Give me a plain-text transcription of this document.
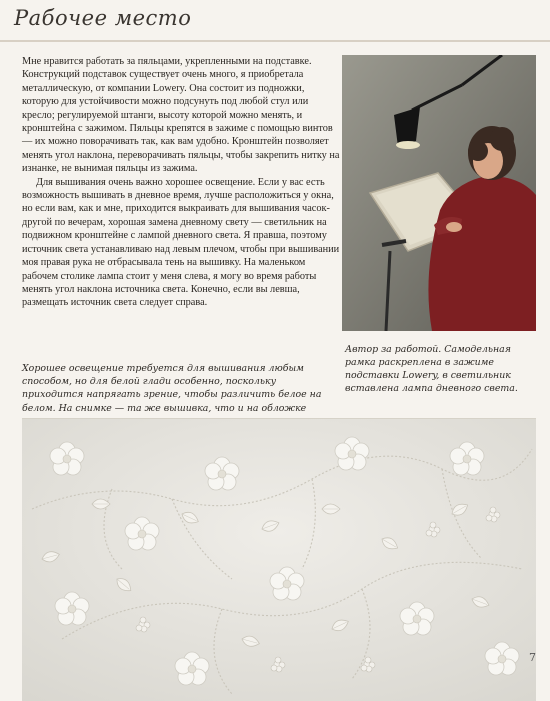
Рабочее место

Мне нравится работать за пяльцами, укрепленными на подставке. Конструкций подставок существует очень много, я приобретала металлическую, от компании Lowery. Она состоит из подножки, которую для устойчивости можно подсунуть под любой стул или кресло; регулируемой штанги, высоту которой можно менять, и кронштейна с зажимом. Пяльцы крепятся в зажиме с помощью винтов — их можно поворачивать так, как вам удобно. Кронштейн позволяет менять угол наклона, переворачивать пяльцы, чтобы закрепить нитку на изнанке, не вынимая пяльцы из зажима.

Для вышивания очень важно хорошее освещение. Если у вас есть возможность вышивать в дневное время, лучше расположиться у окна, но если вам, как и мне, приходится выкраивать для вышивания часок-другой по вечерам, хорошая замена дневному свету — светильник на подвижном кронштейне с лампой дневного света. Я правша, поэтому источник света устанавливаю над левым плечом, чтобы при вышивании моя правая рука не отбрасывала тень на вышивку. На маленьком рабочем столике лампа стоит у меня слева, я могу во время работы менять угол наклона источника света. Конечно, если вы левша, размещать источник света следует справа.

Автор за работой. Самодельная рамка раскреплена в зажиме подставки Lowery, в светильник вставлена лампа дневного света.
Хорошее освещение требуется для вышивания любым способом, но для белой глади особенно, поскольку приходится напрягать зрение, чтобы различить белое на белом. На снимке — та же вышивка, что и на обложке
7
